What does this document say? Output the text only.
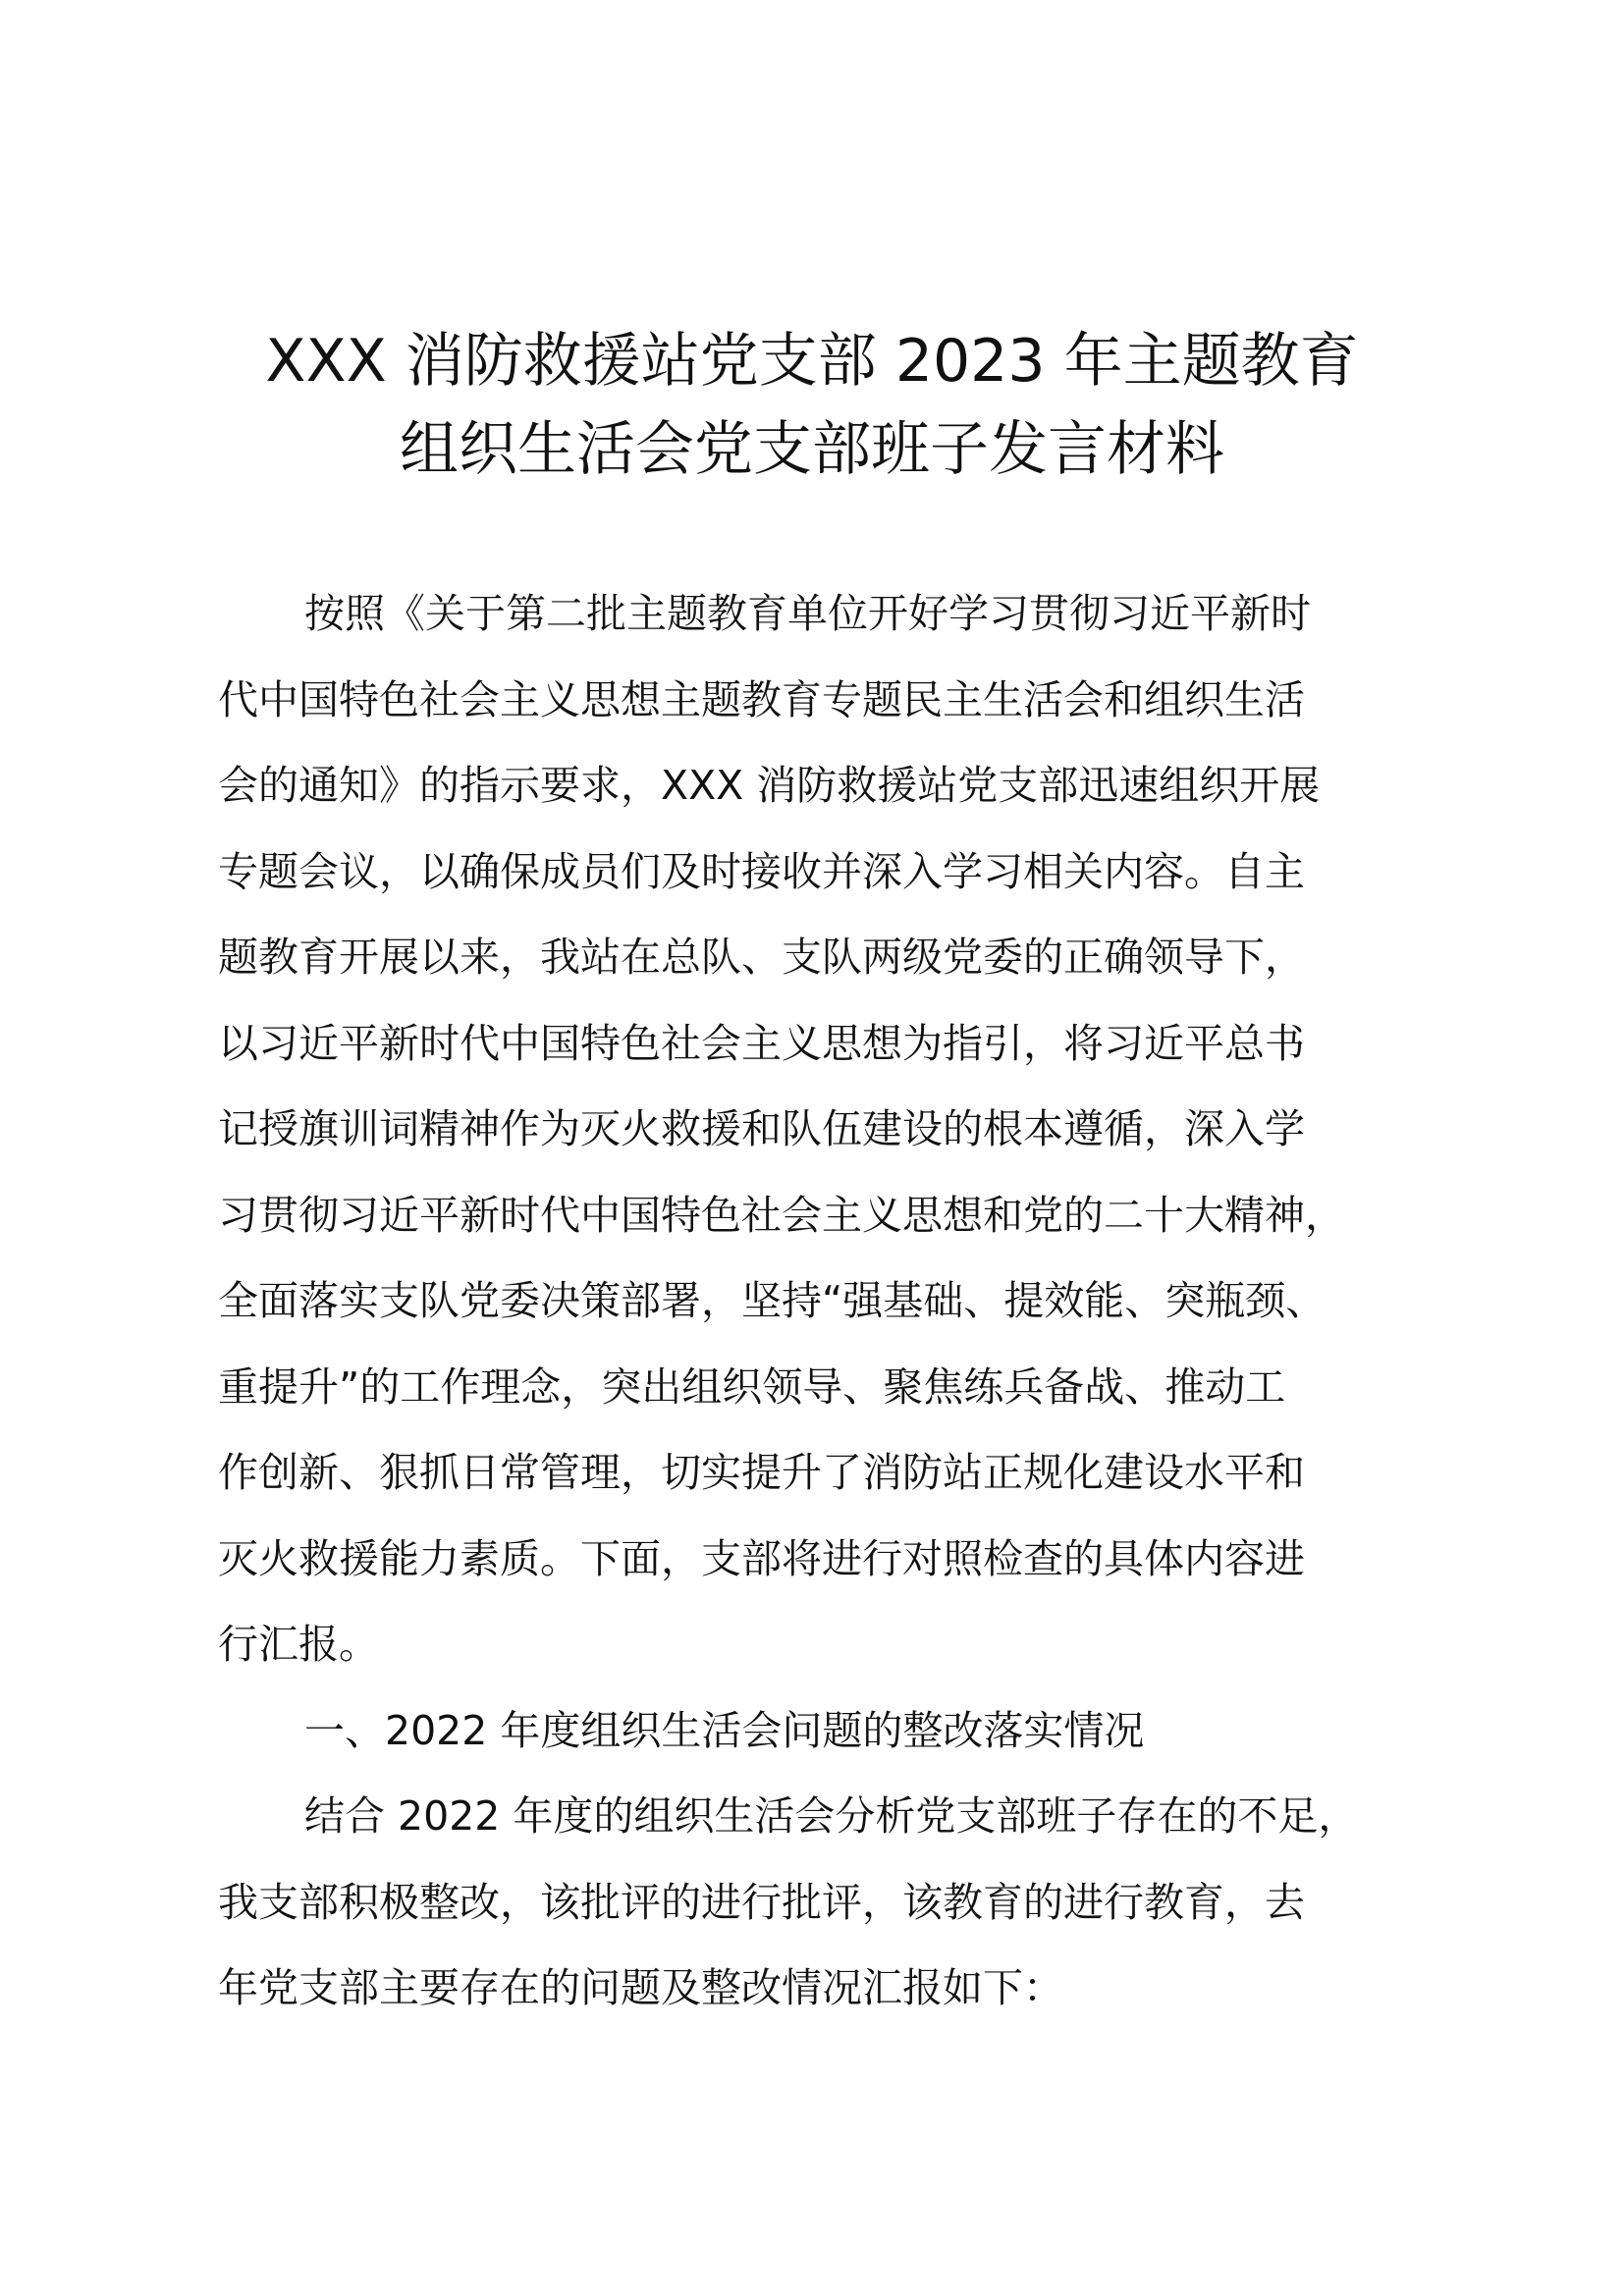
XXX 消防救援站党支部 2023 年主题教育
组织生活会党支部班子发言材料
按照《关于第二批主题教育单位开好学习贯彻习近平新时
代中国特色社会主义思想主题教育专题民主生活会和组织生活
会的通知》的指示要求，XXX 消防救援站党支部迅速组织开展
专题会议，以确保成员们及时接收并深入学习相关内容。自主
题教育开展以来，我站在总队、支队两级党委的正确领导下，
以习近平新时代中国特色社会主义思想为指引，将习近平总书
记授旗训词精神作为灭火救援和队伍建设的根本遵循，深入学
习贯彻习近平新时代中国特色社会主义思想和党的二十大精神，
全面落实支队党委决策部署，坚持“强基础、提效能、突瓶颈、
重提升”的工作理念，突出组织领导、聚焦练兵备战、推动工
作创新、狠抓日常管理，切实提升了消防站正规化建设水平和
灭火救援能力素质。下面，支部将进行对照检查的具体内容进
行汇报。
一、2022 年度组织生活会问题的整改落实情况
结合 2022 年度的组织生活会分析党支部班子存在的不足，
我支部积极整改，该批评的进行批评，该教育的进行教育，去
年党支部主要存在的问题及整改情况汇报如下：
